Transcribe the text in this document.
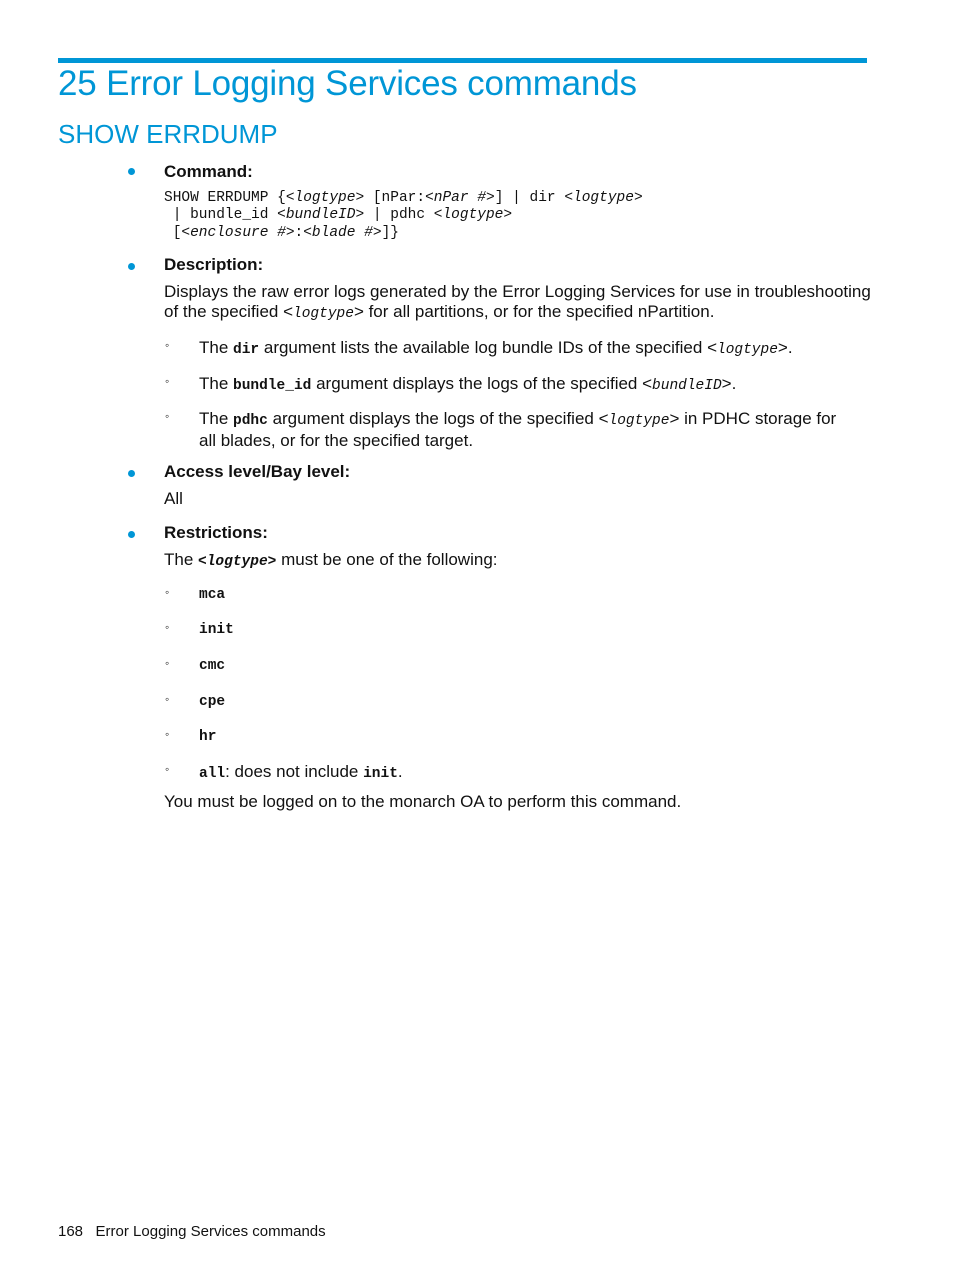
25 Error Logging Services commands
SHOW ERRDUMP
Command:
SHOW ERRDUMP {<logtype> [nPar:<nPar #>] | dir <logtype>
| bundle_id <bundleID> | pdhc <logtype>
[<enclosure #>:<blade #>]}
Description:
Displays the raw error logs generated by the Error Logging Services for use in troubleshooting
of the specified <logtype> for all partitions, or for the specified nPartition.
◦ The dir argument lists the available log bundle IDs of the specified <logtype>.
◦ The bundle_id argument displays the logs of the specified <bundleID>.
◦ The pdhc argument displays the logs of the specified <logtype> in PDHC storage for
all blades, or for the specified target.
Access level/Bay level:
All
Restrictions:
The <logtype> must be one of the following:
◦ mca
◦ init
◦ cmc
◦ cpe
◦ hr
◦ all: does not include init.
You must be logged on to the monarch OA to perform this command.
168 Error Logging Services commands
